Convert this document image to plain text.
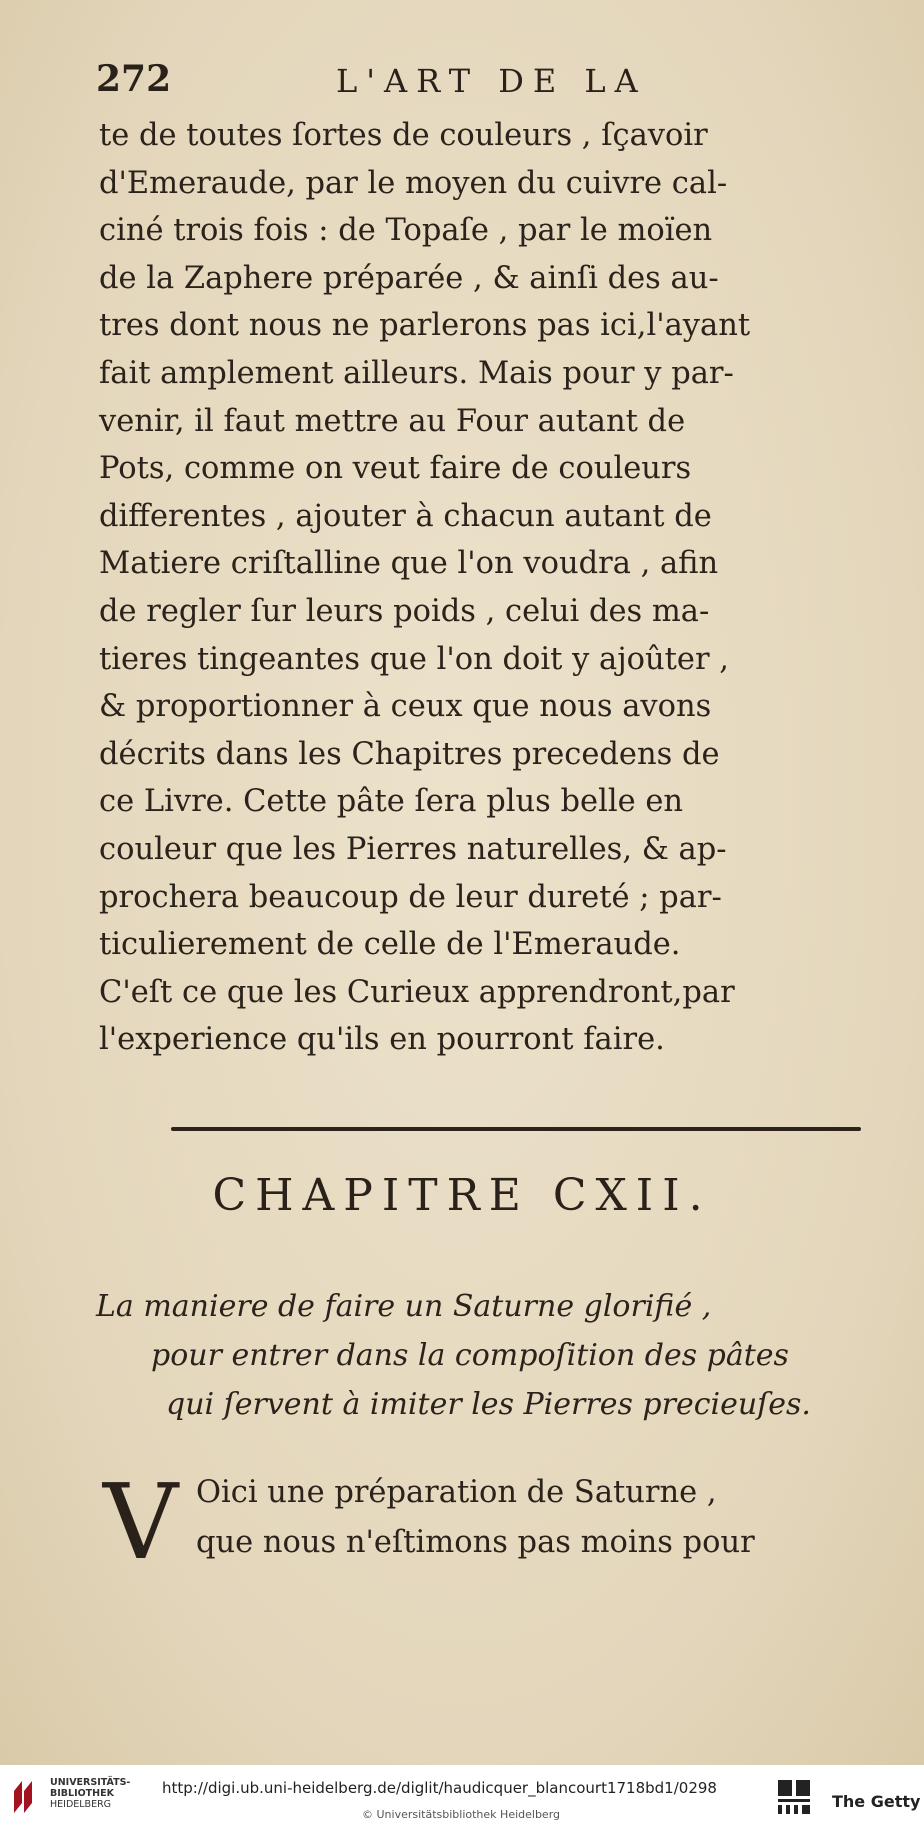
272	L'ART DE LA
te de toutes ſortes de couleurs , ſçavoir
d'Emeraude, par le moyen du cuivre cal-
ciné trois fois : de Topaſe , par le moïen
de la Zaphere préparée , & ainſi des au-
tres dont nous ne parlerons pas ici,l'ayant
fait amplement ailleurs. Mais pour y par-
venir, il faut mettre au Four autant de
Pots, comme on veut faire de couleurs
differentes , ajouter à chacun autant de
Matiere criſtalline que l'on voudra , afin
de regler ſur leurs poids , celui des ma-
tieres tingeantes que l'on doit y ajoûter ,
& proportionner à ceux que nous avons
décrits dans les Chapitres precedens de
ce Livre. Cette pâte ſera plus belle en
couleur que les Pierres naturelles, & ap-
prochera beaucoup de leur dureté ; par-
ticulierement de celle de l'Emeraude.
C'eſt ce que les Curieux apprendront,par
l'experience qu'ils en pourront faire.
CHAPITRE CXII.
La maniere de faire un Saturne glorifié ,
pour entrer dans la compoſition des pâtes
qui ſervent à imiter les Pierres precieuſes.
V Oici une préparation de Saturne ,
que nous n'eſtimons pas moins pour
UNIVERSITÄTS-
BIBLIOTHEK
HEIDELBERG
http://digi.ub.uni-heidelberg.de/diglit/haudicquer_blancourt1718bd1/0298
© Universitätsbibliothek Heidelberg
The Getty
